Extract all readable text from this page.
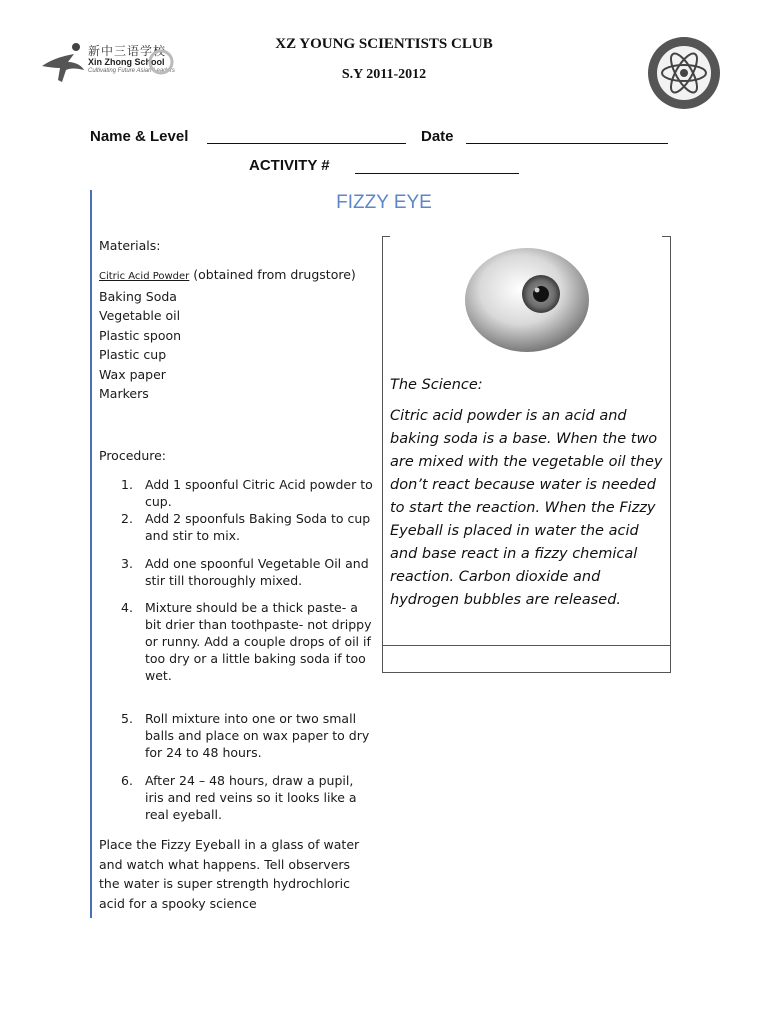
新中三语学校
Xin Zhong School
Cultivating Future Asian Leaders
XZ YOUNG SCIENTISTS CLUB
S.Y 2011-2012
Name & Level	Date
ACTIVITY #
FIZZY EYE
Materials:
Citric Acid Powder (obtained from drugstore)
Baking Soda
Vegetable oil
Plastic spoon
Plastic cup
Wax paper
Markers
Procedure:
1. Add 1 spoonful Citric Acid powder to cup.
2. Add 2 spoonfuls Baking Soda to cup and stir to mix.
3. Add one spoonful Vegetable Oil and stir till thoroughly mixed.
4. Mixture should be a thick paste- a bit drier than toothpaste- not drippy or runny. Add a couple drops of oil if too dry or a little baking soda if too wet.
5. Roll mixture into one or two small balls and place on wax paper to dry for 24 to 48 hours.
6. After 24 – 48 hours, draw a pupil, iris and red veins so it looks like a real eyeball.
Place the Fizzy Eyeball in a glass of water and watch what happens. Tell observers the water is super strength hydrochloric acid for a spooky science
The Science:
Citric acid powder is an acid and baking soda is a base. When the two are mixed with the vegetable oil they don’t react because water is needed to start the reaction. When the Fizzy Eyeball is placed in water the acid and base react in a fizzy chemical reaction. Carbon dioxide and hydrogen bubbles are released.
